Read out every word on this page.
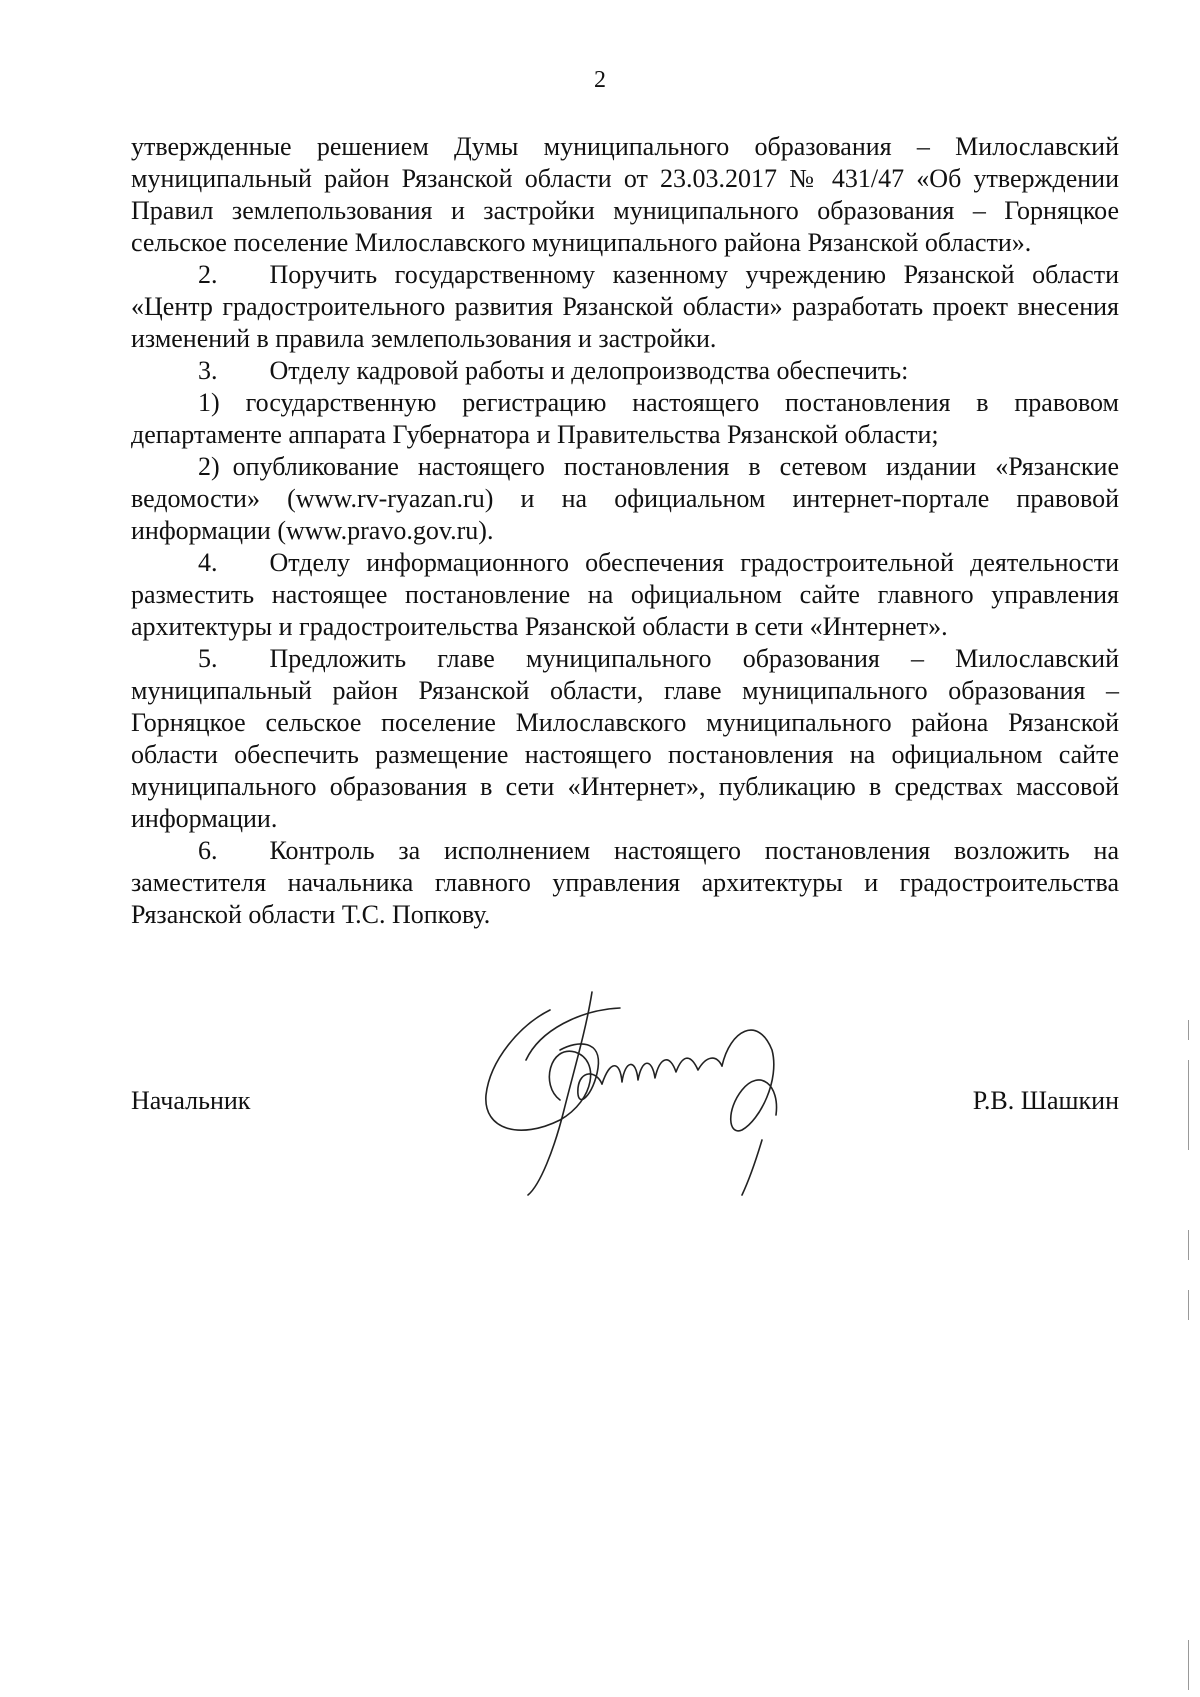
2

утвержденные решением Думы муниципального образования – Милославский муниципальный район Рязанской области от 23.03.2017 № 431/47 «Об утверждении Правил землепользования и застройки муниципального образования – Горняцкое сельское поселение Милославского муниципального района Рязанской области».

2.  Поручить государственному казенному учреждению Рязанской области «Центр градостроительного развития Рязанской области» разработать проект внесения изменений в правила землепользования и застройки.

3.  Отделу кадровой работы и делопроизводства обеспечить:

1) государственную регистрацию настоящего постановления в правовом департаменте аппарата Губернатора и Правительства Рязанской области;

2) опубликование настоящего постановления в сетевом издании «Рязанские ведомости» (www.rv-ryazan.ru) и на официальном интернет-портале правовой информации (www.pravo.gov.ru).

4.  Отделу информационного обеспечения градостроительной деятельности разместить настоящее постановление на официальном сайте главного управления архитектуры и градостроительства Рязанской области в сети «Интернет».

5.  Предложить главе муниципального образования – Милославский муниципальный район Рязанской области, главе муниципального образования – Горняцкое сельское поселение Милославского муниципального района Рязанской области обеспечить размещение настоящего постановления на официальном сайте муниципального образования в сети «Интернет», публикацию в средствах массовой информации.

6.  Контроль за исполнением настоящего постановления возложить на заместителя начальника главного управления архитектуры и градостроительства Рязанской области Т.С. Попкову.

Начальник	Р.В. Шашкин
